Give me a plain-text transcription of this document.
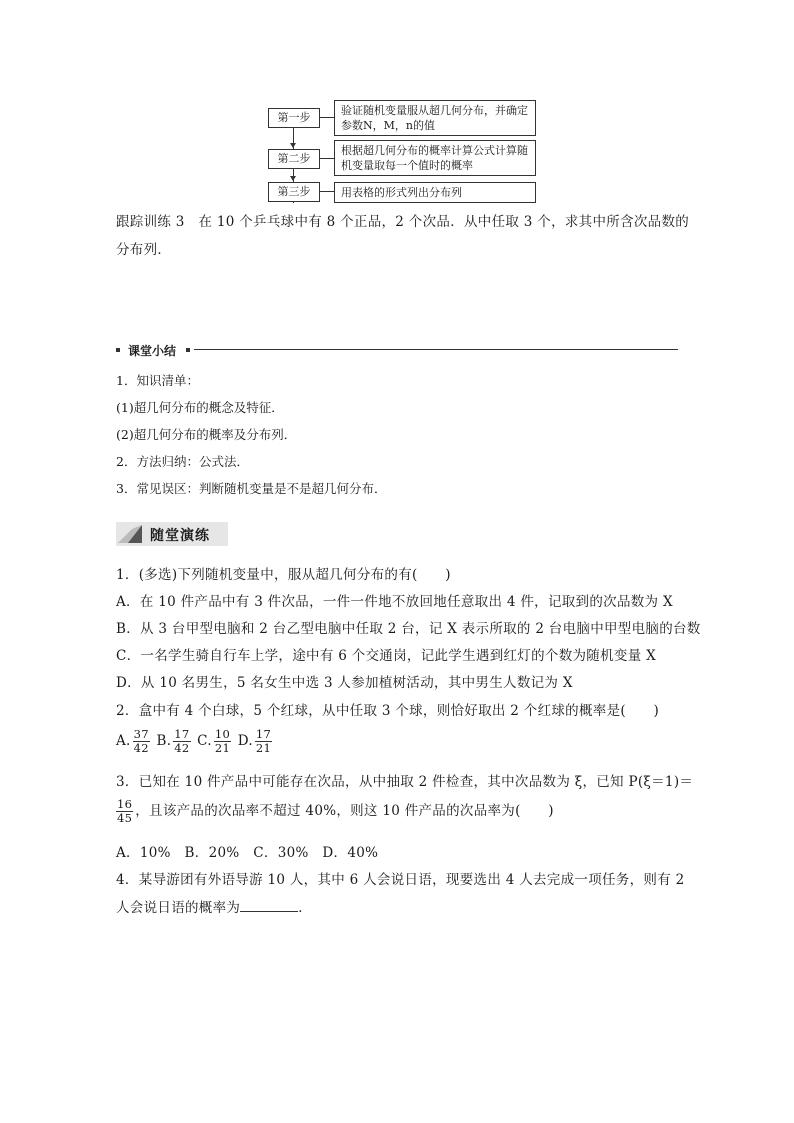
第一步
验证随机变量服从超几何分布，并确定参数N，M，n的值
第二步
根据超几何分布的概率计算公式计算随机变量取每一个值时的概率
第三步	用表格的形式列出分布列
跟踪训练 3　在 10 个乒乓球中有 8 个正品，2 个次品．从中任取 3 个，求其中所含次品数的
分布列．
课堂小结
1．知识清单：
(1)超几何分布的概念及特征．
(2)超几何分布的概率及分布列．
2．方法归纳：公式法．
3．常见误区：判断随机变量是不是超几何分布．
随堂演练
1．(多选)下列随机变量中，服从超几何分布的有(　　)
A．在 10 件产品中有 3 件次品，一件一件地不放回地任意取出 4 件，记取到的次品数为 X
B．从 3 台甲型电脑和 2 台乙型电脑中任取 2 台，记 X 表示所取的 2 台电脑中甲型电脑的台数
C．一名学生骑自行车上学，途中有 6 个交通岗，记此学生遇到红灯的个数为随机变量 X
D．从 10 名男生，5 名女生中选 3 人参加植树活动，其中男生人数记为 X
2．盒中有 4 个白球，5 个红球，从中任取 3 个球，则恰好取出 2 个红球的概率是(　　)
A. $\frac{37}{42} B$. $\frac{17}{42} C$. $\frac{10}{21} D$. $\frac{17}{21}$
3．已知在 10 件产品中可能存在次品，从中抽取 2 件检查，其中次品数为 ξ，已知 P(ξ＝1)＝
$\frac{16}{45}$ ，且该产品的次品率不超过 40%，则这 10 件产品的次品率为(　　)
A．10%　B．20%　C．30%　D．40%
4．某导游团有外语导游 10 人，其中 6 人会说日语，现要选出 4 人去完成一项任务，则有 2
人会说日语的概率为	．
